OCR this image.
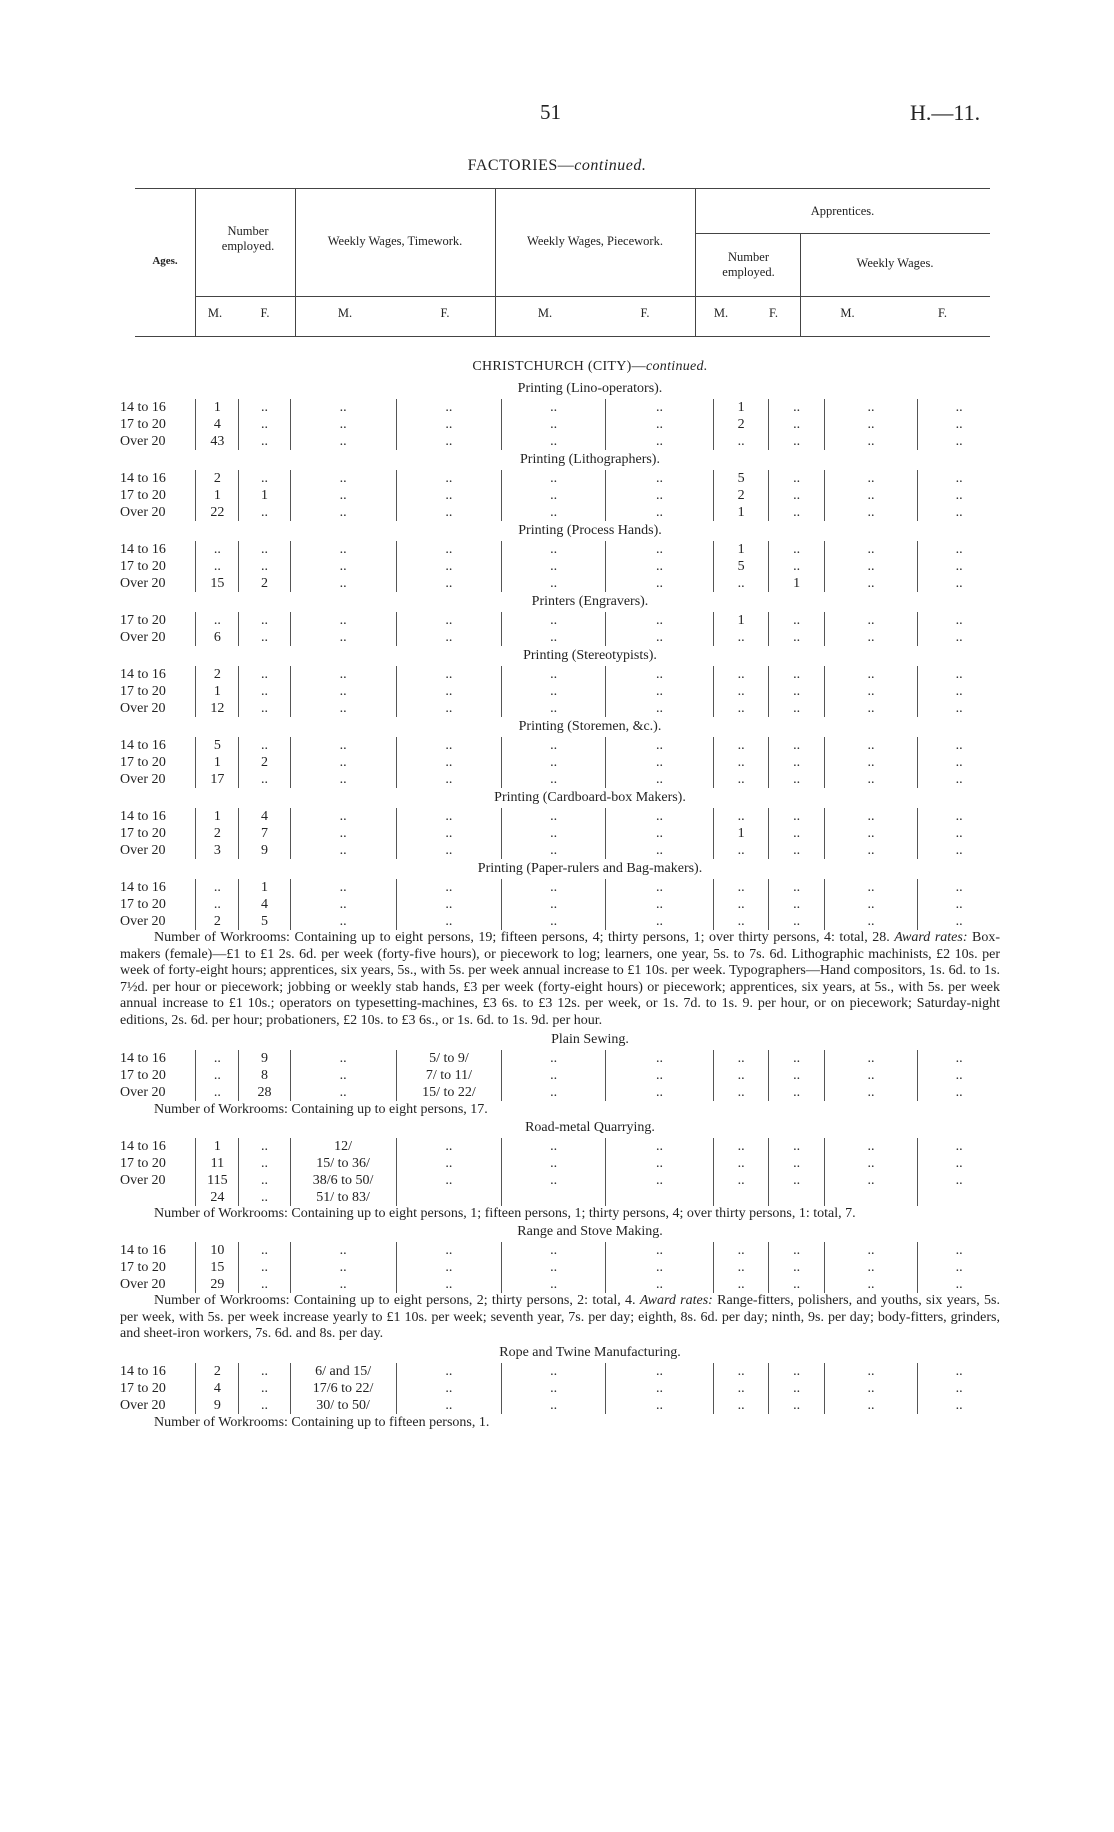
51	H.—11.
FACTORIES—continued.
Ages.
Number employed.	Weekly Wages, Timework.	Weekly Wages, Piecework.
Apprentices.
Number employed.
Weekly Wages.
M.	F.	M.	F.	M.	F.	M.	F.	M.	F.
CHRISTCHURCH (CITY)—continued.
Printing (Lino-operators).
14 to 16	1	..	..	..	..	..	1	..	..	..
17 to 20	4	..	..	..	..	..	2	..	..	..
Over 20	43	..	..	..	..	..	..	..	..	..
Printing (Lithographers).
14 to 16	2	..	..	..	..	..	5	..	..	..
17 to 20	1	1	..	..	..	..	2	..	..	..
Over 20	22	..	..	..	..	..	1	..	..	..
Printing (Process Hands).
14 to 16	..	..	..	..	..	..	1	..	..	..
17 to 20	..	..	..	..	..	..	5	..	..	..
Over 20	15	2	..	..	..	..	..	1	..	..
Printers (Engravers).
17 to 20	..	..	..	..	..	..	1	..	..	..
Over 20	6	..	..	..	..	..	..	..	..	..
Printing (Stereotypists).
14 to 16	2	..	..	..	..	..	..	..	..	..
17 to 20	1	..	..	..	..	..	..	..	..	..
Over 20	12	..	..	..	..	..	..	..	..	..
Printing (Storemen, &c.).
14 to 16	5	..	..	..	..	..	..	..	..	..
17 to 20	1	2	..	..	..	..	..	..	..	..
Over 20	17	..	..	..	..	..	..	..	..	..
Printing (Cardboard-box Makers).
14 to 16	1	4	..	..	..	..	..	..	..	..
17 to 20	2	7	..	..	..	..	1	..	..	..
Over 20	3	9	..	..	..	..	..	..	..	..
Printing (Paper-rulers and Bag-makers).
14 to 16	..	1	..	..	..	..	..	..	..	..
17 to 20	..	4	..	..	..	..	..	..	..	..
Over 20	2	5	..	..	..	..	..	..	..	..

Number of Workrooms: Containing up to eight persons, 19; fifteen persons, 4; thirty persons, 1; over thirty persons, 4: total, 28. Award rates: Box-makers (female)—£1 to £1 2s. 6d. per week (forty-five hours), or piecework to log; learners, one year, 5s. to 7s. 6d. Lithographic machinists, £2 10s. per week of forty-eight hours; apprentices, six years, 5s., with 5s. per week annual increase to £1 10s. per week. Typographers—Hand compositors, 1s. 6d. to 1s. 7½d. per hour or piecework; jobbing or weekly stab hands, £3 per week (forty-eight hours) or piecework; apprentices, six years, at 5s., with 5s. per week annual increase to £1 10s.; operators on typesetting-machines, £3 6s. to £3 12s. per week, or 1s. 7d. to 1s. 9. per hour, or on piecework; Saturday-night editions, 2s. 6d. per hour; probationers, £2 10s. to £3 6s., or 1s. 6d. to 1s. 9d. per hour.

Plain Sewing.
14 to 16	..	9	..	5/ to 9/	..	..	..	..	..	..
17 to 20	..	8	..	7/ to 11/	..	..	..	..	..	..
Over 20	..	28	..	15/ to 22/	..	..	..	..	..	..
Number of Workrooms: Containing up to eight persons, 17.
Road-metal Quarrying.
14 to 16	1	..	12/	..	..	..	..	..	..	..
17 to 20	11	..	15/ to 36/	..	..	..	..	..	..	..
Over 20	115	..	38/6 to 50/	..	..	..	..	..	..	..
	24	..	51/ to 83/							

Number of Workrooms: Containing up to eight persons, 1; fifteen persons, 1; thirty persons, 4; over thirty persons, 1: total, 7.

Range and Stove Making.
14 to 16	10	..	..	..	..	..	..	..	..	..
17 to 20	15	..	..	..	..	..	..	..	..	..
Over 20	29	..	..	..	..	..	..	..	..	..

Number of Workrooms: Containing up to eight persons, 2; thirty persons, 2: total, 4. Award rates: Range-fitters, polishers, and youths, six years, 5s. per week, with 5s. per week increase yearly to £1 10s. per week; seventh year, 7s. per day; eighth, 8s. 6d. per day; ninth, 9s. per day; body-fitters, grinders, and sheet-iron workers, 7s. 6d. and 8s. per day.

Rope and Twine Manufacturing.
14 to 16	2	..	6/ and 15/	..	..	..	..	..	..	..
17 to 20	4	..	17/6 to 22/	..	..	..	..	..	..	..
Over 20	9	..	30/ to 50/	..	..	..	..	..	..	..
Number of Workrooms: Containing up to fifteen persons, 1.
